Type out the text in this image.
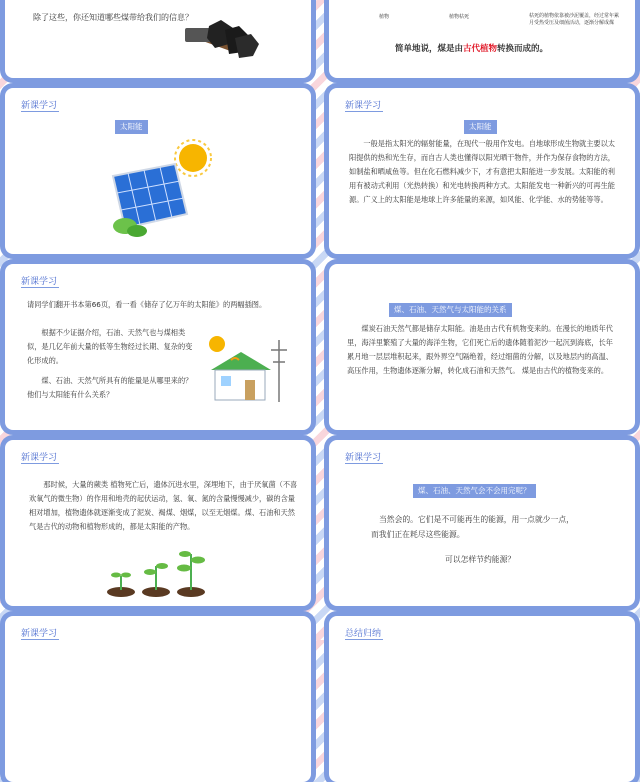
除了这些，你还知道哪些煤带给我们的信息？	植物	植物枯死	枯死的植物依靠被沙泥覆盖，经过常年累
月受热受压及细菌活动，逐渐分解成煤
简单地说，煤是由古代植物转换而成的。
新课学习
太阳能
新课学习
太阳能
一般是指太阳光的辐射能量，在现代一般用作发电。自地球形成生物就主要以太阳提供的热和光生存，而自古人类也懂得以阳光晒干物件，并作为保存食物的方法，如制盐和晒咸鱼等。但在化石燃料减少下，才有意把太阳能进一步发展。太阳能的利用有被动式利用（光热转换）和光电转换两种方式。太阳能发电一种新兴的可再生能源。广义上的太阳能是地球上许多能量的来源，如风能、化学能、水的势能等等。
新课学习
请同学们翻开书本第66页，看一看《储存了亿万年的太阳能》的两幅插图。
根据不少证据介绍，石油、天然气也与煤相类似，是几亿年前大量的低等生物经过长期、复杂的变化形成的。
煤、石油、天然气所具有的能量是从哪里来的？他们与太阳能有什么关系？
煤、石油、天然气与太阳能的关系
煤炭石油天然气都是储存太阳能。油是由古代有机物变来的。在漫长的地质年代里，海洋里繁殖了大量的海洋生物，它们死亡后的遗体随着泥沙一起沉到海底，长年累月地一层层堆积起来，跟外界空气隔绝着，经过细菌的分解，以及地层内的高温、高压作用，生物遗体逐渐分解，转化成石油和天然气。 煤是由古代的植物变来的。
新课学习
那时候，大量的蕨类 植物死亡后，遗体沉进水里，深埋地下，由于厌氧菌（不喜欢氧气的微生物）的作用和地壳的起伏运动，氢、氧、氮的含量慢慢减少，碳的含量相对增加，植物遗体就逐渐变成了泥炭、褐煤、烟煤，以至无烟煤。煤、石油和天然气是古代的动物和植物形成的，都是太阳能的产物。
新课学习
煤、石油、天然气会不会用完呢？
当然会的。它们是不可能再生的能源，用一点就少一点，
而我们正在耗尽这些能源。
可以怎样节约能源？
新课学习	总结归纳
